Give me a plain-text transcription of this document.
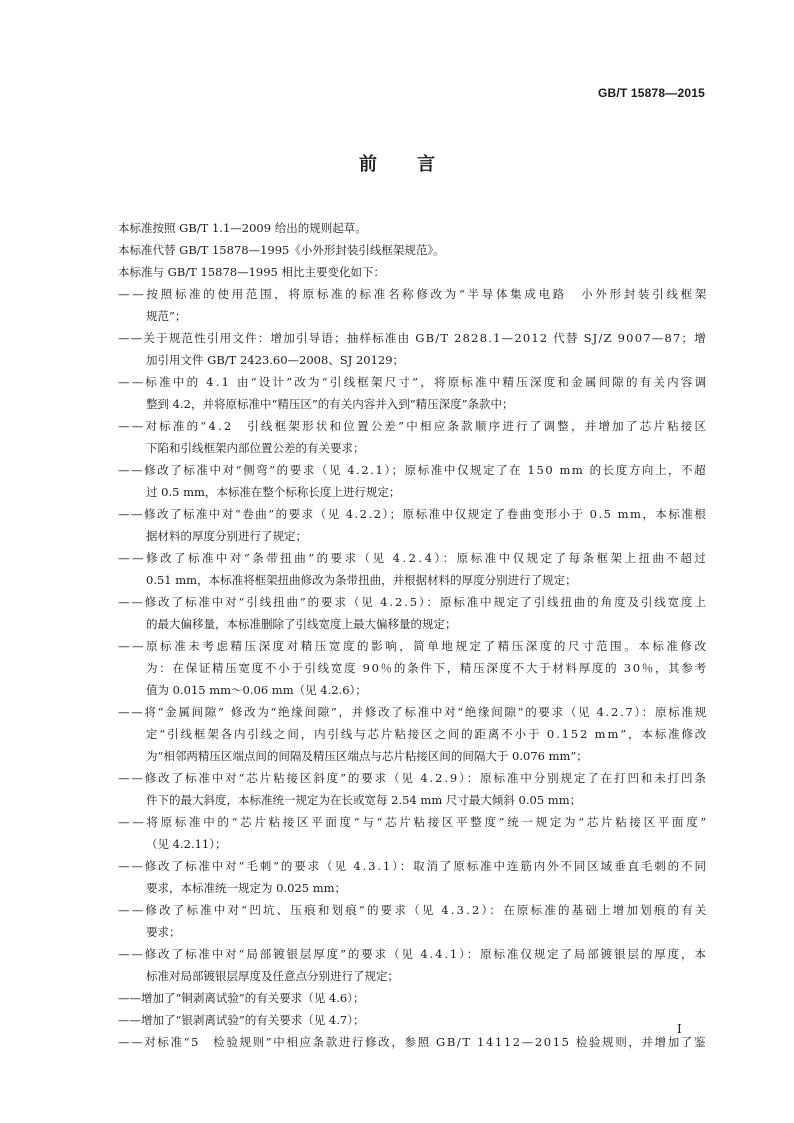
GB/T 15878—2015
前言
本标准按照 GB/T 1.1—2009 给出的规则起草。
本标准代替 GB/T 15878—1995《小外形封装引线框架规范》。
本标准与 GB/T 15878—1995 相比主要变化如下：
——按照标准的使用范围，将原标准的标准名称修改为“半导体集成电路　小外形封装引线框架
规范”；
——关于规范性引用文件：增加引导语；抽样标准由 GB/T 2828.1—2012 代替 SJ/Z 9007—87；增
加引用文件 GB/T 2423.60—2008、SJ 20129；
——标准中的 4.1 由“设计”改为“引线框架尺寸”，将原标准中精压深度和金属间隙的有关内容调
整到 4.2，并将原标准中“精压区”的有关内容并入到“精压深度”条款中；
——对标准的“4.2　引线框架形状和位置公差”中相应条款顺序进行了调整，并增加了芯片粘接区
下陷和引线框架内部位置公差的有关要求；
——修改了标准中对“侧弯”的要求（见 4.2.1）；原标准中仅规定了在 150 mm 的长度方向上，不超
过 0.5 mm，本标准在整个标称长度上进行规定；
——修改了标准中对“卷曲”的要求（见 4.2.2）；原标准中仅规定了卷曲变形小于 0.5 mm，本标准根
据材料的厚度分别进行了规定；
——修改了标准中对“条带扭曲”的要求（见 4.2.4）：原标准中仅规定了每条框架上扭曲不超过
0.51 mm，本标准将框架扭曲修改为条带扭曲，并根据材料的厚度分别进行了规定；
——修改了标准中对“引线扭曲”的要求（见 4.2.5）：原标准中规定了引线扭曲的角度及引线宽度上
的最大偏移量，本标准删除了引线宽度上最大偏移量的规定；
——原标准未考虑精压深度对精压宽度的影响，简单地规定了精压深度的尺寸范围。本标准修改
为：在保证精压宽度不小于引线宽度 90％的条件下，精压深度不大于材料厚度的 30％，其参考
值为 0.015 mm～0.06 mm（见 4.2.6）；
——将“金属间隙” 修改为“绝缘间隙”，并修改了标准中对“绝缘间隙”的要求（见 4.2.7）：原标准规
定“引线框架各内引线之间，内引线与芯片粘接区之间的距离不小于 0.152 mm”，本标准修改
为“相邻两精压区端点间的间隔及精压区端点与芯片粘接区间的间隔大于 0.076 mm”；
——修改了标准中对“芯片粘接区斜度”的要求（见 4.2.9）：原标准中分别规定了在打凹和未打凹条
件下的最大斜度，本标准统一规定为在长或宽每 2.54 mm 尺寸最大倾斜 0.05 mm；
——将原标准中的“芯片粘接区平面度”与“芯片粘接区平整度”统一规定为“芯片粘接区平面度”
（见 4.2.11）；
——修改了标准中对“毛刺”的要求（见 4.3.1）：取消了原标准中连筋内外不同区域垂直毛刺的不同
要求，本标准统一规定为 0.025 mm；
——修改了标准中对“凹坑、压痕和划痕”的要求（见 4.3.2）：在原标准的基础上增加划痕的有关
要求；
——修改了标准中对“局部镀银层厚度”的要求（见 4.4.1）：原标准仅规定了局部镀银层的厚度，本
标准对局部镀银层厚度及任意点分别进行了规定；
——增加了“铜剥离试验”的有关要求（见 4.6）；
——增加了“银剥离试验”的有关要求（见 4.7）；
——对标准“5　检验规则”中相应条款进行修改，参照 GB/T 14112—2015 检验规则，并增加了鉴
I
